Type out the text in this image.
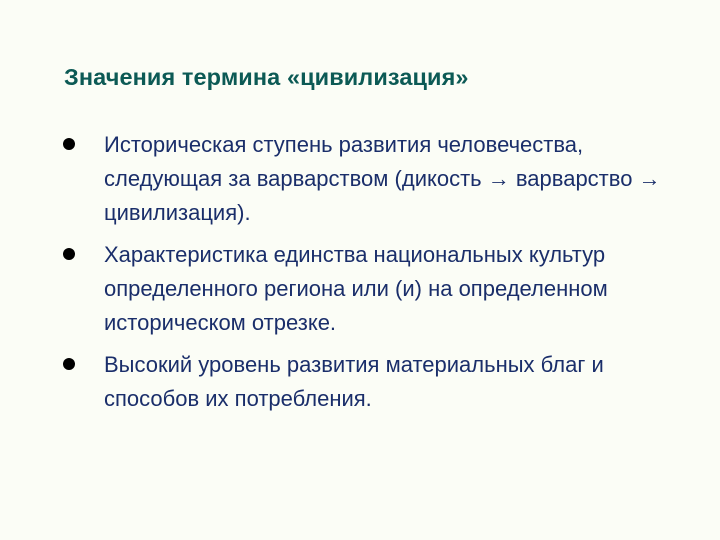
Значения термина «цивилизация»
Историческая ступень развития человечества, следующая за варварством (дикость → варварство → цивилизация).
Характеристика единства национальных культур определенного региона или (и) на определенном историческом отрезке.
Высокий уровень развития материальных благ и способов их потребления.
